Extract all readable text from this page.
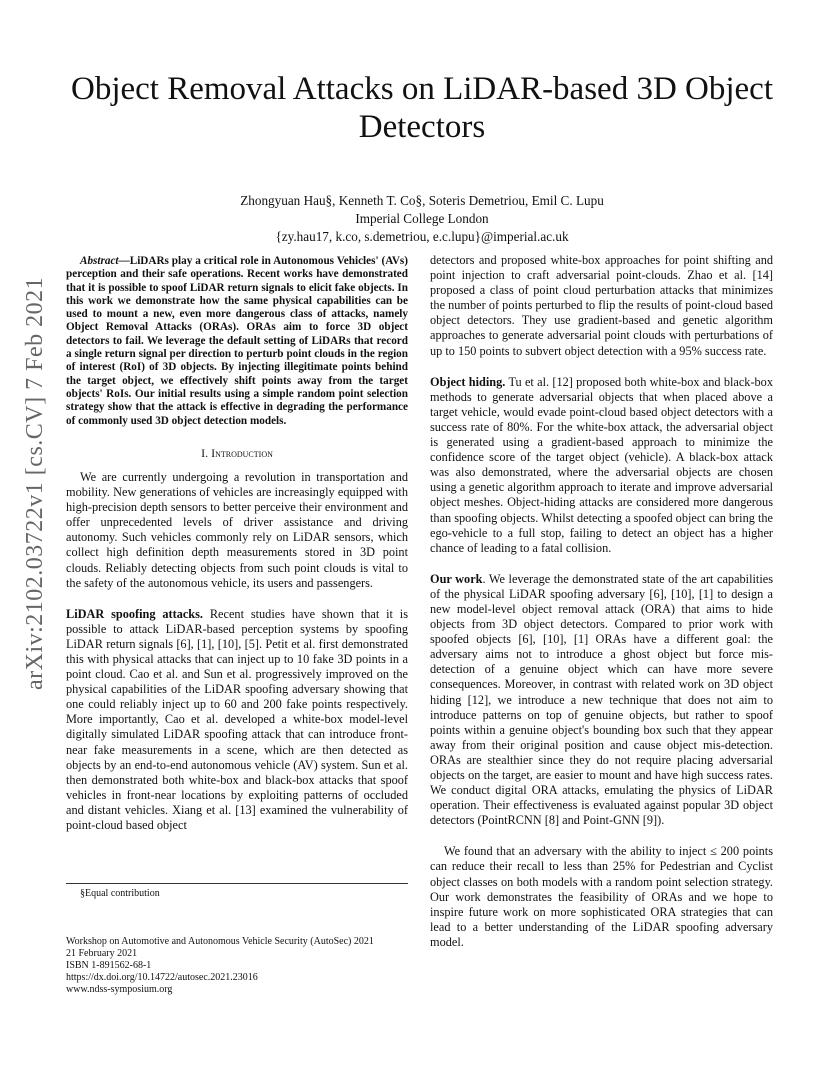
arXiv:2102.03722v1 [cs.CV] 7 Feb 2021
Object Removal Attacks on LiDAR-based 3D Object Detectors
Zhongyuan Hau§, Kenneth T. Co§, Soteris Demetriou, Emil C. Lupu
Imperial College London
{zy.hau17, k.co, s.demetriou, e.c.lupu}@imperial.ac.uk

Abstract—LiDARs play a critical role in Autonomous Vehicles' (AVs) perception and their safe operations. Recent works have demonstrated that it is possible to spoof LiDAR return signals to elicit fake objects. In this work we demonstrate how the same physical capabilities can be used to mount a new, even more dangerous class of attacks, namely Object Removal Attacks (ORAs). ORAs aim to force 3D object detectors to fail. We leverage the default setting of LiDARs that record a single return signal per direction to perturb point clouds in the region of interest (RoI) of 3D objects. By injecting illegitimate points behind the target object, we effectively shift points away from the target objects' RoIs. Our initial results using a simple random point selection strategy show that the attack is effective in degrading the performance of commonly used 3D object detection models.

I. Introduction

We are currently undergoing a revolution in transportation and mobility. New generations of vehicles are increasingly equipped with high-precision depth sensors to better perceive their environment and offer unprecedented levels of driver assistance and driving autonomy. Such vehicles commonly rely on LiDAR sensors, which collect high definition depth measurements stored in 3D point clouds. Reliably detecting objects from such point clouds is vital to the safety of the autonomous vehicle, its users and passengers.

LiDAR spoofing attacks. Recent studies have shown that it is possible to attack LiDAR-based perception systems by spoofing LiDAR return signals [6], [1], [10], [5]. Petit et al. first demonstrated this with physical attacks that can inject up to 10 fake 3D points in a point cloud. Cao et al. and Sun et al. progressively improved on the physical capabilities of the LiDAR spoofing adversary showing that one could reliably inject up to 60 and 200 fake points respectively. More importantly, Cao et al. developed a white-box model-level digitally simulated LiDAR spoofing attack that can introduce front-near fake measurements in a scene, which are then detected as objects by an end-to-end autonomous vehicle (AV) system. Sun et al. then demonstrated both white-box and black-box attacks that spoof vehicles in front-near locations by exploiting patterns of occluded and distant vehicles. Xiang et al. [13] examined the vulnerability of point-cloud based object

§Equal contribution
Workshop on Automotive and Autonomous Vehicle Security (AutoSec) 2021
21 February 2021
ISBN 1-891562-68-1
https://dx.doi.org/10.14722/autosec.2021.23016
www.ndss-symposium.org

detectors and proposed white-box approaches for point shifting and point injection to craft adversarial point-clouds. Zhao et al. [14] proposed a class of point cloud perturbation attacks that minimizes the number of points perturbed to flip the results of point-cloud based object detectors. They use gradient-based and genetic algorithm approaches to generate adversarial point clouds with perturbations of up to 150 points to subvert object detection with a 95% success rate.

Object hiding. Tu et al. [12] proposed both white-box and black-box methods to generate adversarial objects that when placed above a target vehicle, would evade point-cloud based object detectors with a success rate of 80%. For the white-box attack, the adversarial object is generated using a gradient-based approach to minimize the confidence score of the target object (vehicle). A black-box attack was also demonstrated, where the adversarial objects are chosen using a genetic algorithm approach to iterate and improve adversarial object meshes. Object-hiding attacks are considered more dangerous than spoofing objects. Whilst detecting a spoofed object can bring the ego-vehicle to a full stop, failing to detect an object has a higher chance of leading to a fatal collision.

Our work. We leverage the demonstrated state of the art capabilities of the physical LiDAR spoofing adversary [6], [10], [1] to design a new model-level object removal attack (ORA) that aims to hide objects from 3D object detectors. Compared to prior work with spoofed objects [6], [10], [1] ORAs have a different goal: the adversary aims not to introduce a ghost object but force mis-detection of a genuine object which can have more severe consequences. Moreover, in contrast with related work on 3D object hiding [12], we introduce a new technique that does not aim to introduce patterns on top of genuine objects, but rather to spoof points within a genuine object's bounding box such that they appear away from their original position and cause object mis-detection. ORAs are stealthier since they do not require placing adversarial objects on the target, are easier to mount and have high success rates. We conduct digital ORA attacks, emulating the physics of LiDAR operation. Their effectiveness is evaluated against popular 3D object detectors (PointRCNN [8] and Point-GNN [9]).

We found that an adversary with the ability to inject ≤ 200 points can reduce their recall to less than 25% for Pedestrian and Cyclist object classes on both models with a random point selection strategy. Our work demonstrates the feasibility of ORAs and we hope to inspire future work on more sophisticated ORA strategies that can lead to a better understanding of the LiDAR spoofing adversary model.
